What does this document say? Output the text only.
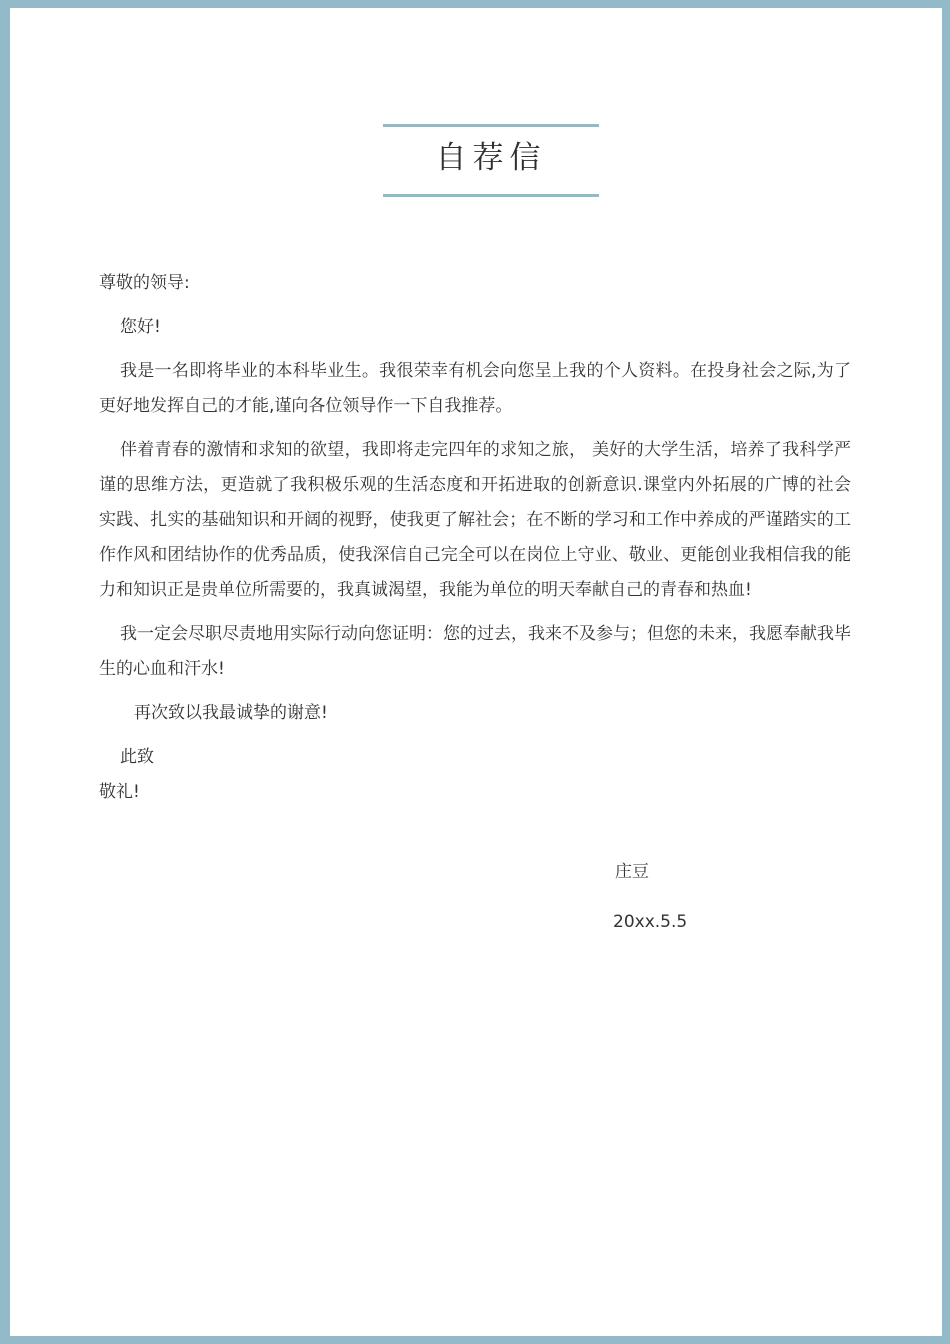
自荐信

尊敬的领导:

您好!

我是一名即将毕业的本科毕业生。我很荣幸有机会向您呈上我的个人资料。在投身社会之际,为了更好地发挥自己的才能,谨向各位领导作一下自我推荐。

伴着青春的激情和求知的欲望，我即将走完四年的求知之旅， 美好的大学生活，培养了我科学严谨的思维方法，更造就了我积极乐观的生活态度和开拓进取的创新意识.课堂内外拓展的广博的社会实践、扎实的基础知识和开阔的视野，使我更了解社会；在不断的学习和工作中养成的严谨踏实的工作作风和团结协作的优秀品质，使我深信自己完全可以在岗位上守业、敬业、更能创业我相信我的能力和知识正是贵单位所需要的，我真诚渴望，我能为单位的明天奉献自己的青春和热血!

我一定会尽职尽责地用实际行动向您证明：您的过去，我来不及参与；但您的未来，我愿奉献我毕生的心血和汗水!

再次致以我最诚挚的谢意!

此致

敬礼!

庄豆
20xx.5.5
